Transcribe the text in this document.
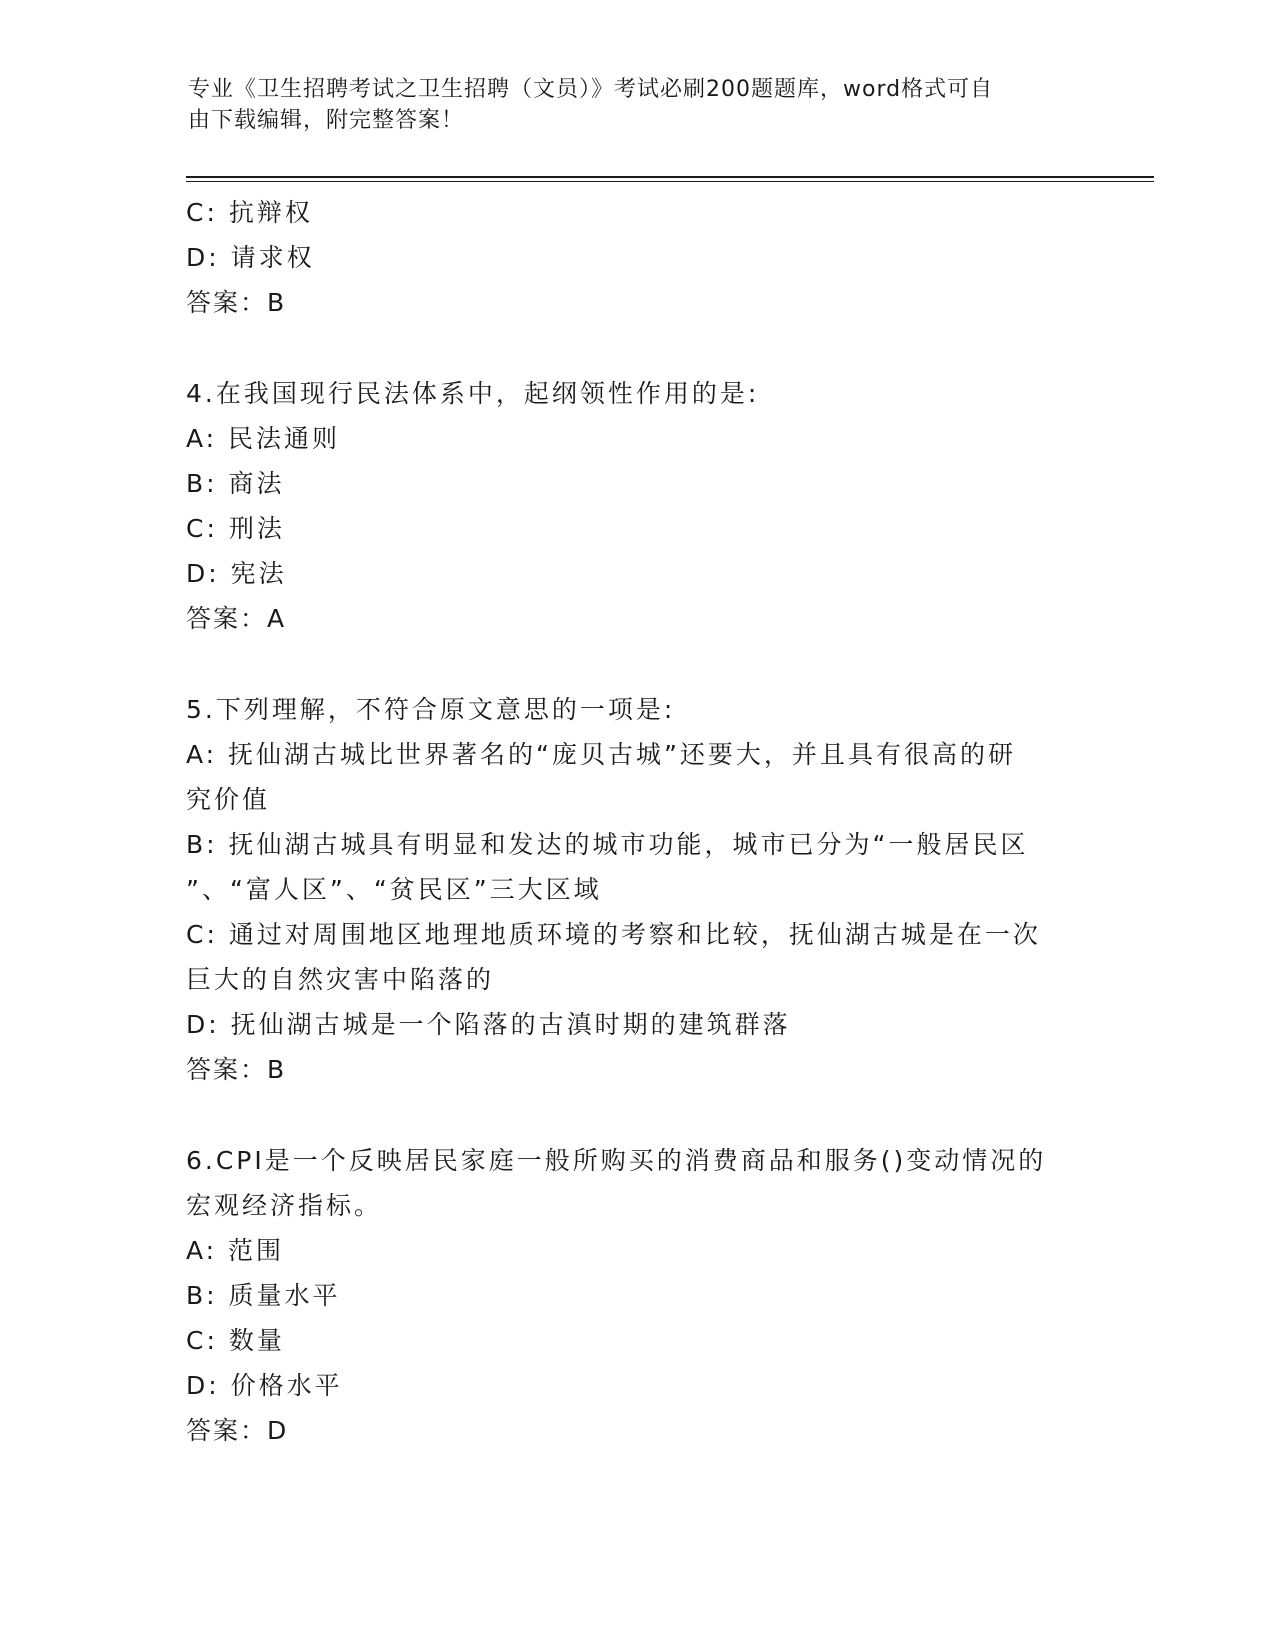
专业《卫生招聘考试之卫生招聘（文员）》考试必刷200题题库，word格式可自
由下载编辑，附完整答案！
C: 抗辩权
D: 请求权
答案：B
4.在我国现行民法体系中，起纲领性作用的是:
A: 民法通则
B: 商法
C: 刑法
D: 宪法
答案：A
5.下列理解，不符合原文意思的一项是:
A: 抚仙湖古城比世界著名的“庞贝古城”还要大，并且具有很高的研
究价值
B: 抚仙湖古城具有明显和发达的城市功能，城市已分为“一般居民区
”、“富人区”、“贫民区”三大区域
C: 通过对周围地区地理地质环境的考察和比较，抚仙湖古城是在一次
巨大的自然灾害中陷落的
D: 抚仙湖古城是一个陷落的古滇时期的建筑群落
答案：B
6.CPI是一个反映居民家庭一般所购买的消费商品和服务()变动情况的
宏观经济指标。
A: 范围
B: 质量水平
C: 数量
D: 价格水平
答案：D
